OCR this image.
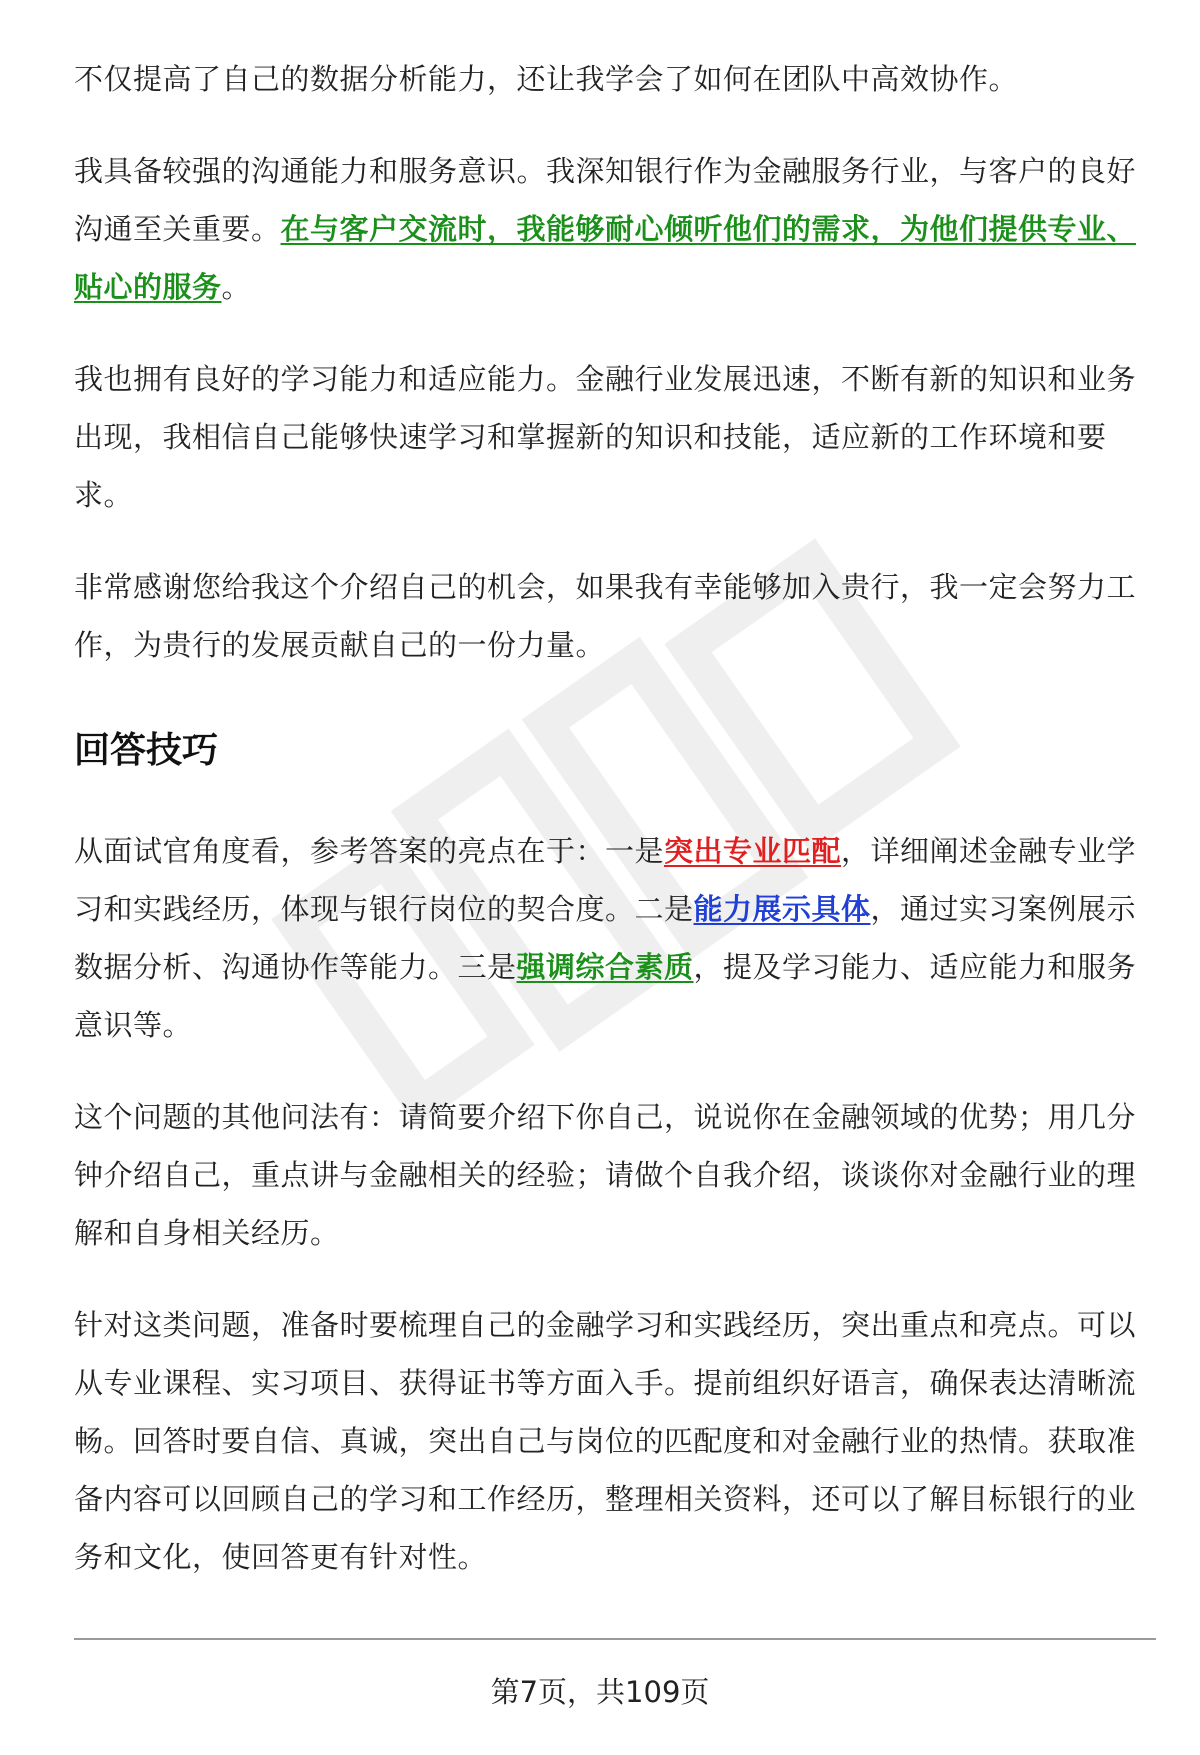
不仅提高了自己的数据分析能力，还让我学会了如何在团队中高效协作。

我具备较强的沟通能力和服务意识。我深知银行作为金融服务行业，与客户的良好沟通至关重要。在与客户交流时，我能够耐心倾听他们的需求，为他们提供专业、贴心的服务。

我也拥有良好的学习能力和适应能力。金融行业发展迅速，不断有新的知识和业务出现，我相信自己能够快速学习和掌握新的知识和技能，适应新的工作环境和要求。

非常感谢您给我这个介绍自己的机会，如果我有幸能够加入贵行，我一定会努力工作，为贵行的发展贡献自己的一份力量。

回答技巧

从面试官角度看，参考答案的亮点在于：一是突出专业匹配，详细阐述金融专业学习和实践经历，体现与银行岗位的契合度。二是能力展示具体，通过实习案例展示数据分析、沟通协作等能力。三是强调综合素质，提及学习能力、适应能力和服务意识等。

这个问题的其他问法有：请简要介绍下你自己，说说你在金融领域的优势；用几分钟介绍自己，重点讲与金融相关的经验；请做个自我介绍，谈谈你对金融行业的理解和自身相关经历。

针对这类问题，准备时要梳理自己的金融学习和实践经历，突出重点和亮点。可以从专业课程、实习项目、获得证书等方面入手。提前组织好语言，确保表达清晰流畅。回答时要自信、真诚，突出自己与岗位的匹配度和对金融行业的热情。获取准备内容可以回顾自己的学习和工作经历，整理相关资料，还可以了解目标银行的业务和文化，使回答更有针对性。

第7页，共109页
